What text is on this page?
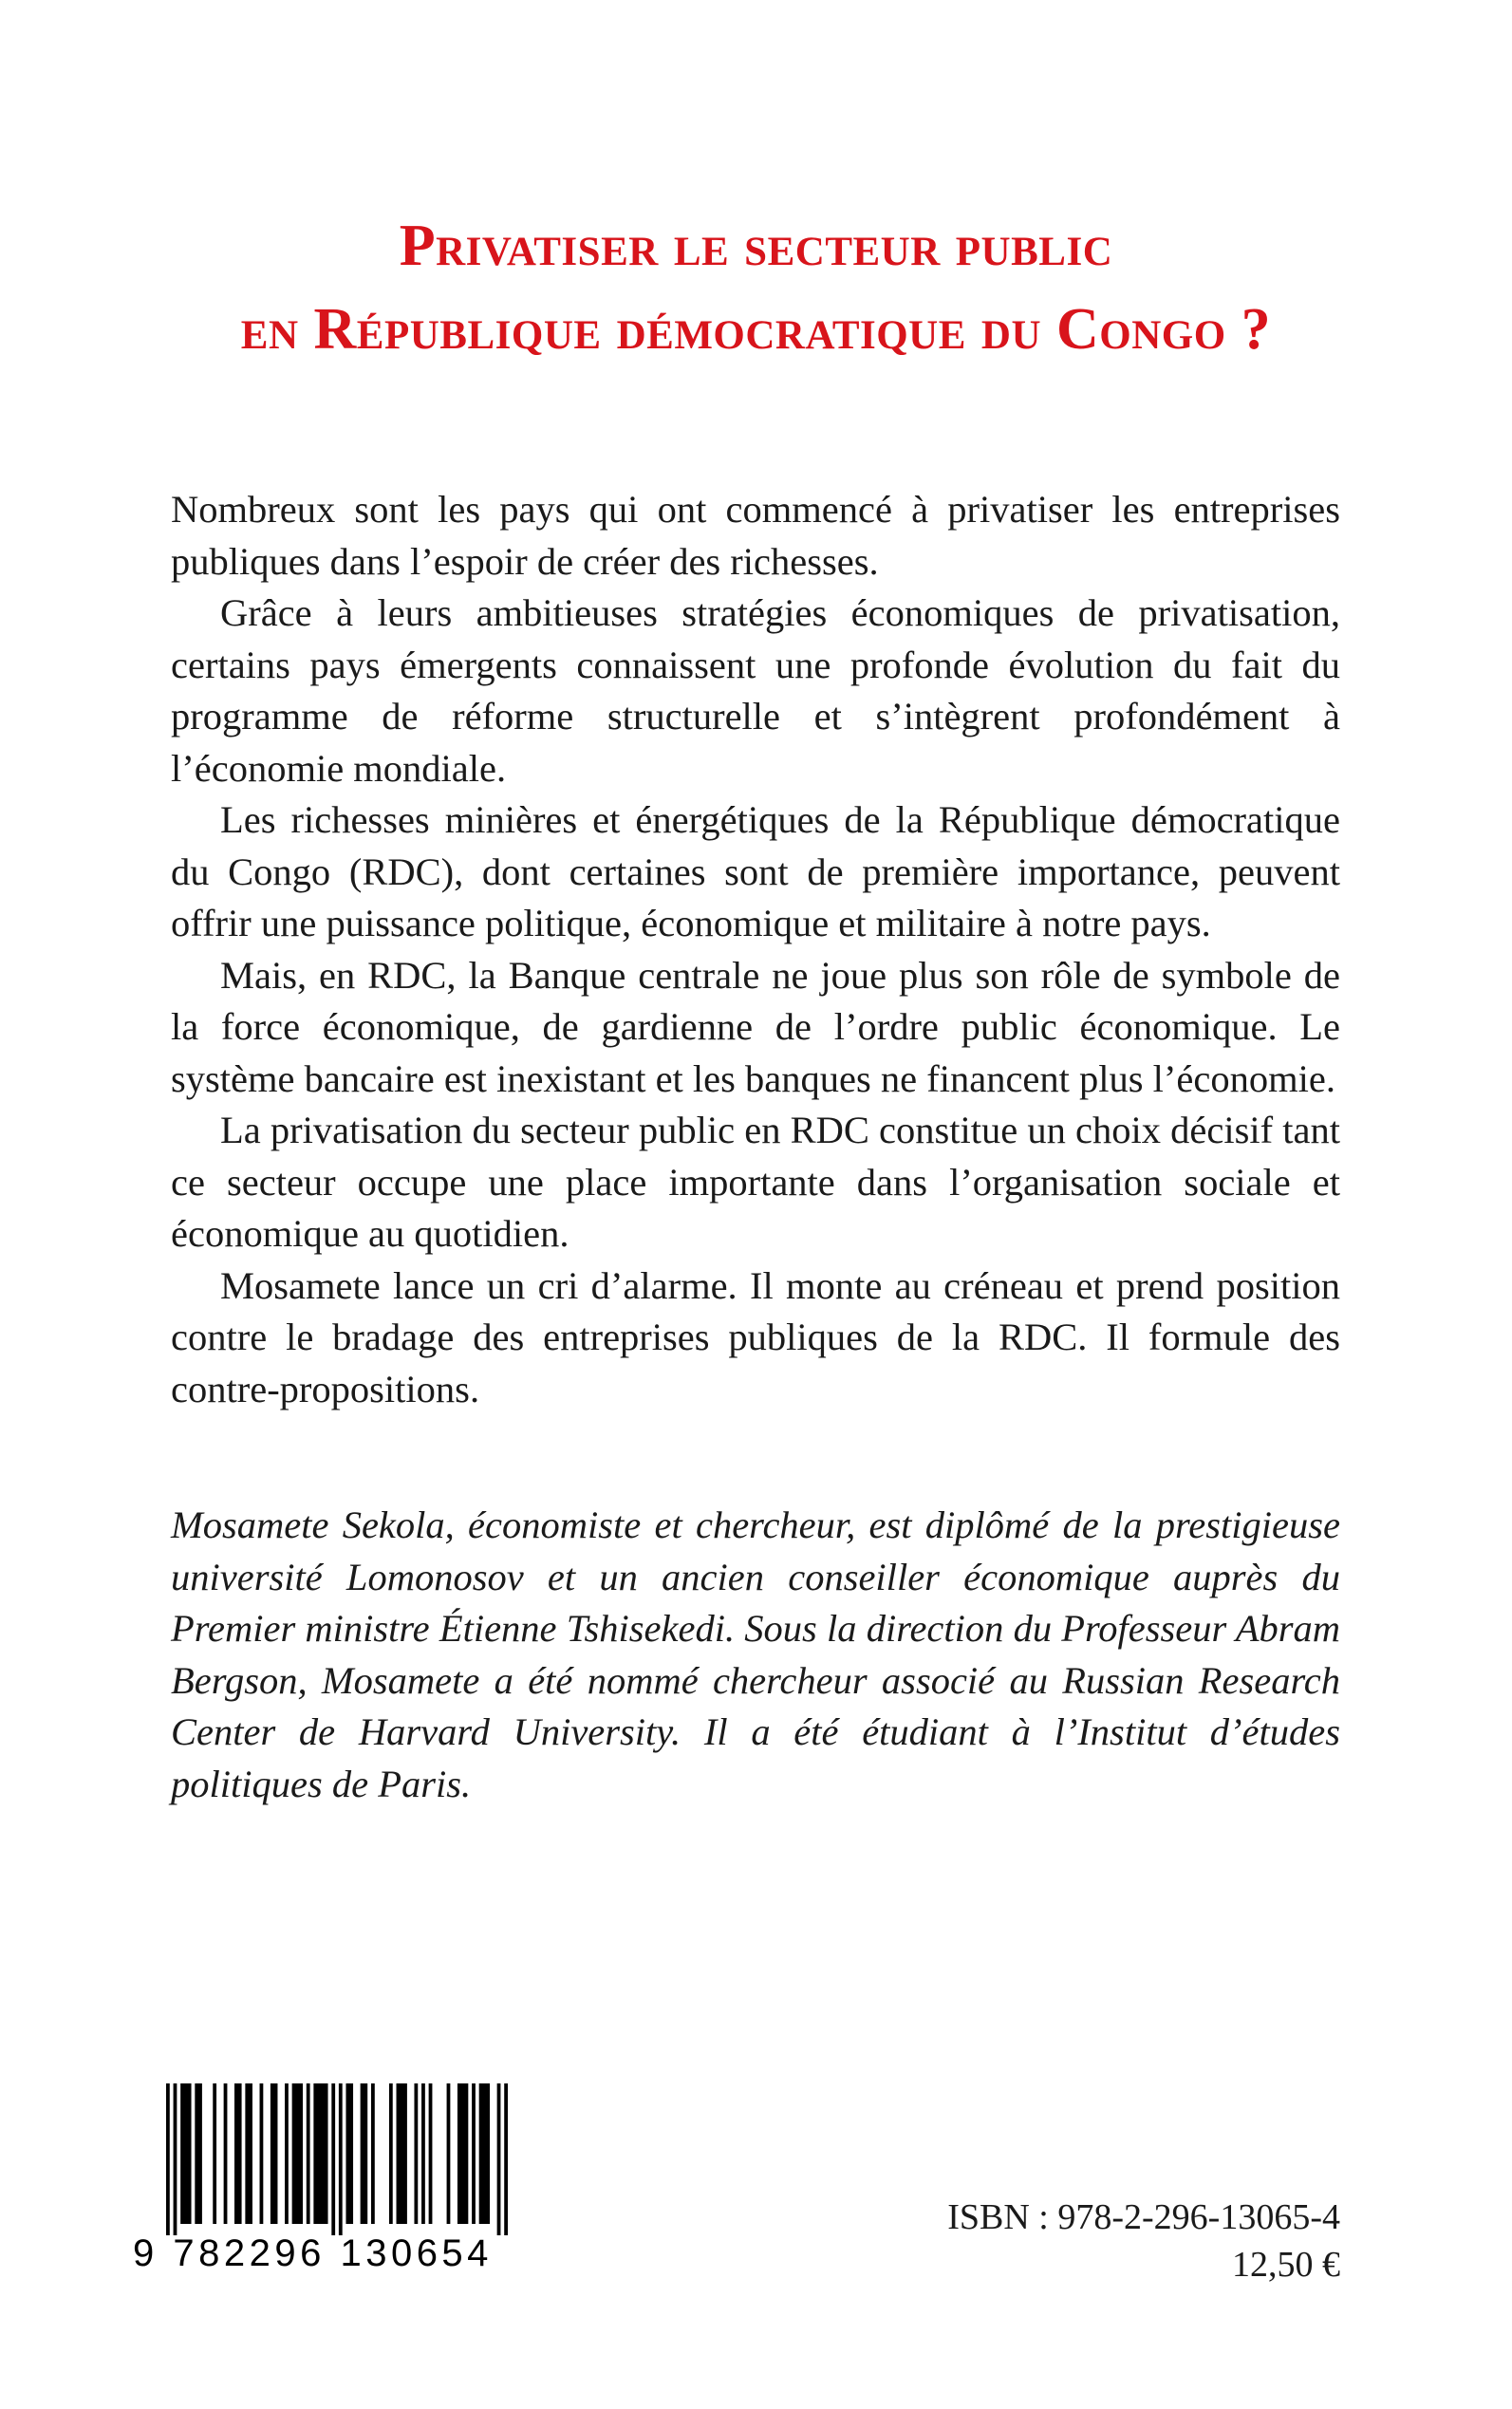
Privatiser le secteur public
en République démocratique du Congo ?

Nombreux sont les pays qui ont commencé à privatiser les entreprises publiques dans l’espoir de créer des richesses.

Grâce à leurs ambitieuses stratégies économiques de privatisation, certains pays émergents connaissent une profonde évolution du fait du programme de réforme structurelle et s’intègrent profondément à l’économie mondiale.

Les richesses minières et énergétiques de la République démocratique du Congo (RDC), dont certaines sont de première importance, peuvent offrir une puissance politique, économique et militaire à notre pays.

Mais, en RDC, la Banque centrale ne joue plus son rôle de symbole de la force économique, de gardienne de l’ordre public économique. Le système bancaire est inexistant et les banques ne financent plus l’économie.

La privatisation du secteur public en RDC constitue un choix décisif tant ce secteur occupe une place importante dans l’organisation sociale et économique au quotidien.

Mosamete lance un cri d’alarme. Il monte au créneau et prend position contre le bradage des entreprises publiques de la RDC. Il formule des contre-propositions.

Mosamete Sekola, économiste et chercheur, est diplômé de la prestigieuse université Lomonosov et un ancien conseiller économique auprès du Premier ministre Étienne Tshisekedi. Sous la direction du Professeur Abram Bergson, Mosamete a été nommé chercheur associé au Russian Research Center de Harvard University. Il a été étudiant à l’Institut d’études politiques de Paris.

9 782296 130654
ISBN : 978-2-296-13065-4
12,50 €
